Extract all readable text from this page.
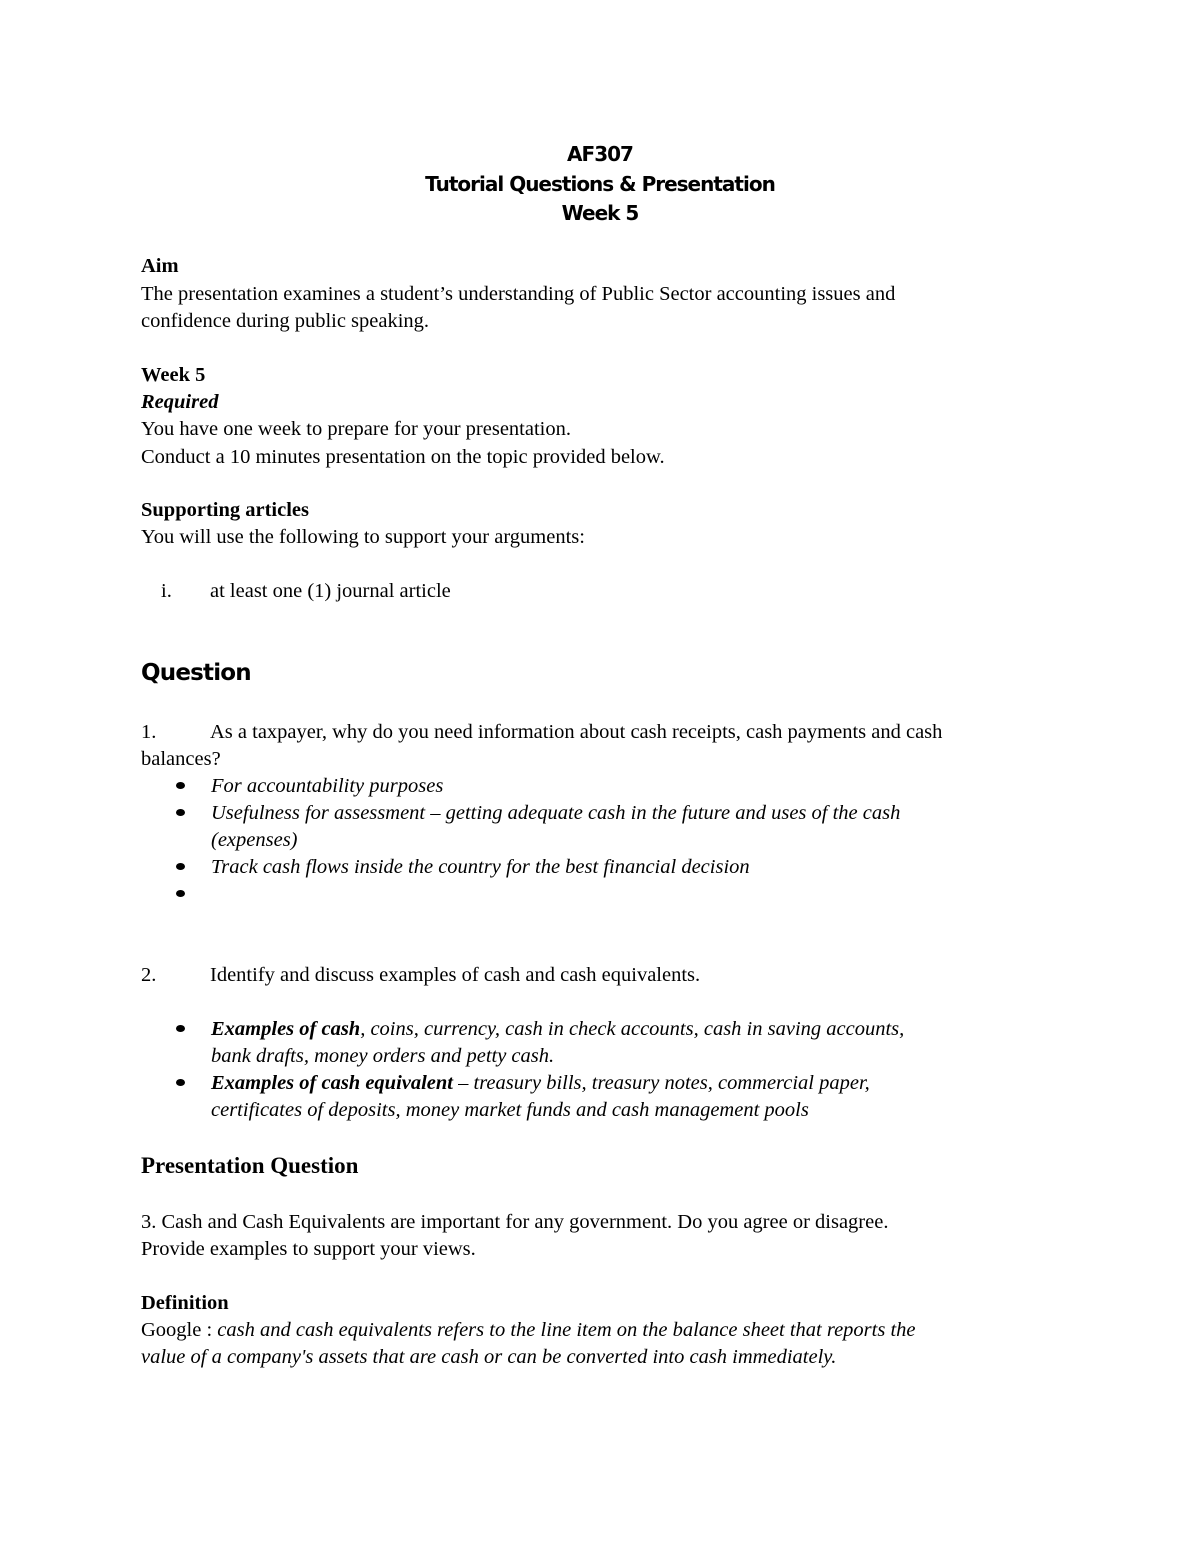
AF307
Tutorial Questions & Presentation
Week 5
Aim
The presentation examines a student’s understanding of Public Sector accounting issues and
confidence during public speaking.
Week 5
Required
You have one week to prepare for your presentation.
Conduct a 10 minutes presentation on the topic provided below.
Supporting articles
You will use the following to support your arguments:
i. at least one (1) journal article
Question
1.	As a taxpayer, why do you need information about cash receipts, cash payments and cash
balances?
For accountability purposes
Usefulness for assessment – getting adequate cash in the future and uses of the cash
(expenses)
Track cash flows inside the country for the best financial decision
2.	Identify and discuss examples of cash and cash equivalents.
Examples of cash, coins, currency, cash in check accounts, cash in saving accounts,
bank drafts, money orders and petty cash.
Examples of cash equivalent – treasury bills, treasury notes, commercial paper,
certificates of deposits, money market funds and cash management pools
Presentation Question
3. Cash and Cash Equivalents are important for any government. Do you agree or disagree.
Provide examples to support your views.
Definition
Google : cash and cash equivalents refers to the line item on the balance sheet that reports the
value of a company's assets that are cash or can be converted into cash immediately.
